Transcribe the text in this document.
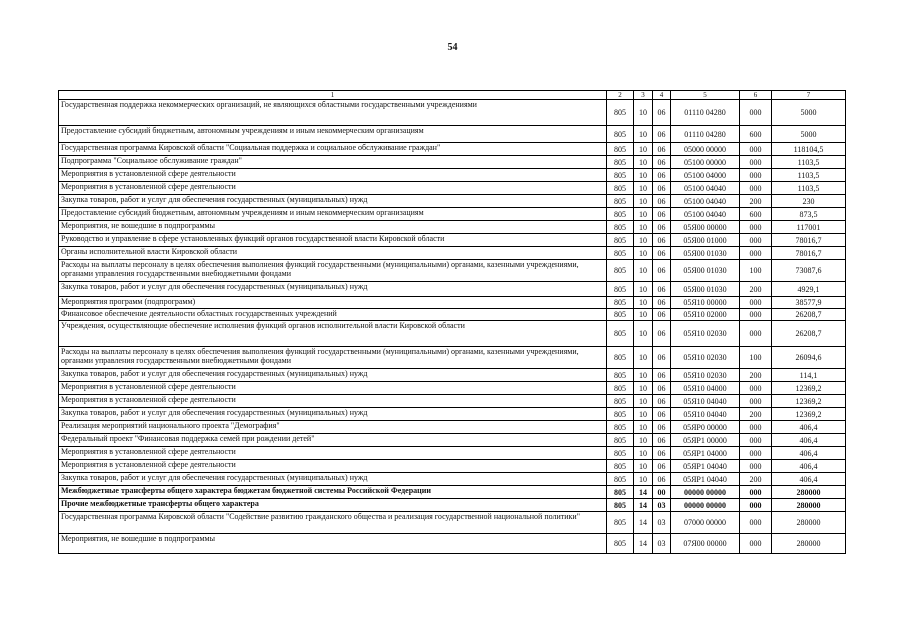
54
1	2	3	4	5	6	7
Государственная поддержка некоммерческих организаций, не являющихся областными государственными учреждениями	805	10	06	01110 04280	000	5000
Предоставление субсидий бюджетным, автономным учреждениям и иным некоммерческим организациям	805	10	06	01110 04280	600	5000
Государственная программа Кировской области "Социальная поддержка и социальное обслуживание граждан"	805	10	06	05000 00000	000	118104,5
Подпрограмма "Социальное обслуживание граждан"	805	10	06	05100 00000	000	1103,5
Мероприятия в установленной сфере деятельности	805	10	06	05100 04000	000	1103,5
Мероприятия в установленной сфере деятельности	805	10	06	05100 04040	000	1103,5
Закупка товаров, работ и услуг для обеспечения государственных (муниципальных) нужд	805	10	06	05100 04040	200	230
Предоставление субсидий бюджетным, автономным учреждениям и иным некоммерческим организациям	805	10	06	05100 04040	600	873,5
Мероприятия, не вошедшие в подпрограммы	805	10	06	05Я00 00000	000	117001
Руководство и управление в сфере установленных функций органов государственной власти Кировской области	805	10	06	05Я00 01000	000	78016,7
Органы исполнительной власти Кировской области	805	10	06	05Я00 01030	000	78016,7
Расходы на выплаты персоналу в целях обеспечения выполнения функций государственными (муниципальными) органами, казенными учреждениями, органами управления государственными внебюджетными фондами	805	10	06	05Я00 01030	100	73087,6
Закупка товаров, работ и услуг для обеспечения государственных (муниципальных) нужд	805	10	06	05Я00 01030	200	4929,1
Мероприятия программ (подпрограмм)	805	10	06	05Я10 00000	000	38577,9
Финансовое обеспечение деятельности областных государственных учреждений	805	10	06	05Я10 02000	000	26208,7
Учреждения, осуществляющие обеспечение исполнения функций органов исполнительной власти Кировской области	805	10	06	05Я10 02030	000	26208,7
Расходы на выплаты персоналу в целях обеспечения выполнения функций государственными (муниципальными) органами, казенными учреждениями, органами управления государственными внебюджетными фондами	805	10	06	05Я10 02030	100	26094,6
Закупка товаров, работ и услуг для обеспечения государственных (муниципальных) нужд	805	10	06	05Я10 02030	200	114,1
Мероприятия в установленной сфере деятельности	805	10	06	05Я10 04000	000	12369,2
Мероприятия в установленной сфере деятельности	805	10	06	05Я10 04040	000	12369,2
Закупка товаров, работ и услуг для обеспечения государственных (муниципальных) нужд	805	10	06	05Я10 04040	200	12369,2
Реализация мероприятий национального проекта "Демография"	805	10	06	05ЯР0 00000	000	406,4
Федеральный проект "Финансовая поддержка семей при рождении детей"	805	10	06	05ЯР1 00000	000	406,4
Мероприятия в установленной сфере деятельности	805	10	06	05ЯР1 04000	000	406,4
Мероприятия в установленной сфере деятельности	805	10	06	05ЯР1 04040	000	406,4
Закупка товаров, работ и услуг для обеспечения государственных (муниципальных) нужд	805	10	06	05ЯР1 04040	200	406,4
Межбюджетные трансферты общего характера бюджетам бюджетной системы Российской Федерации	805	14	00	00000 00000	000	280000
Прочие межбюджетные трансферты общего характера	805	14	03	00000 00000	000	280000
Государственная программа Кировской области "Содействие развитию гражданского общества и реализация государственной национальной политики"	805	14	03	07000 00000	000	280000
Мероприятия, не вошедшие в подпрограммы	805	14	03	07Я00 00000	000	280000
